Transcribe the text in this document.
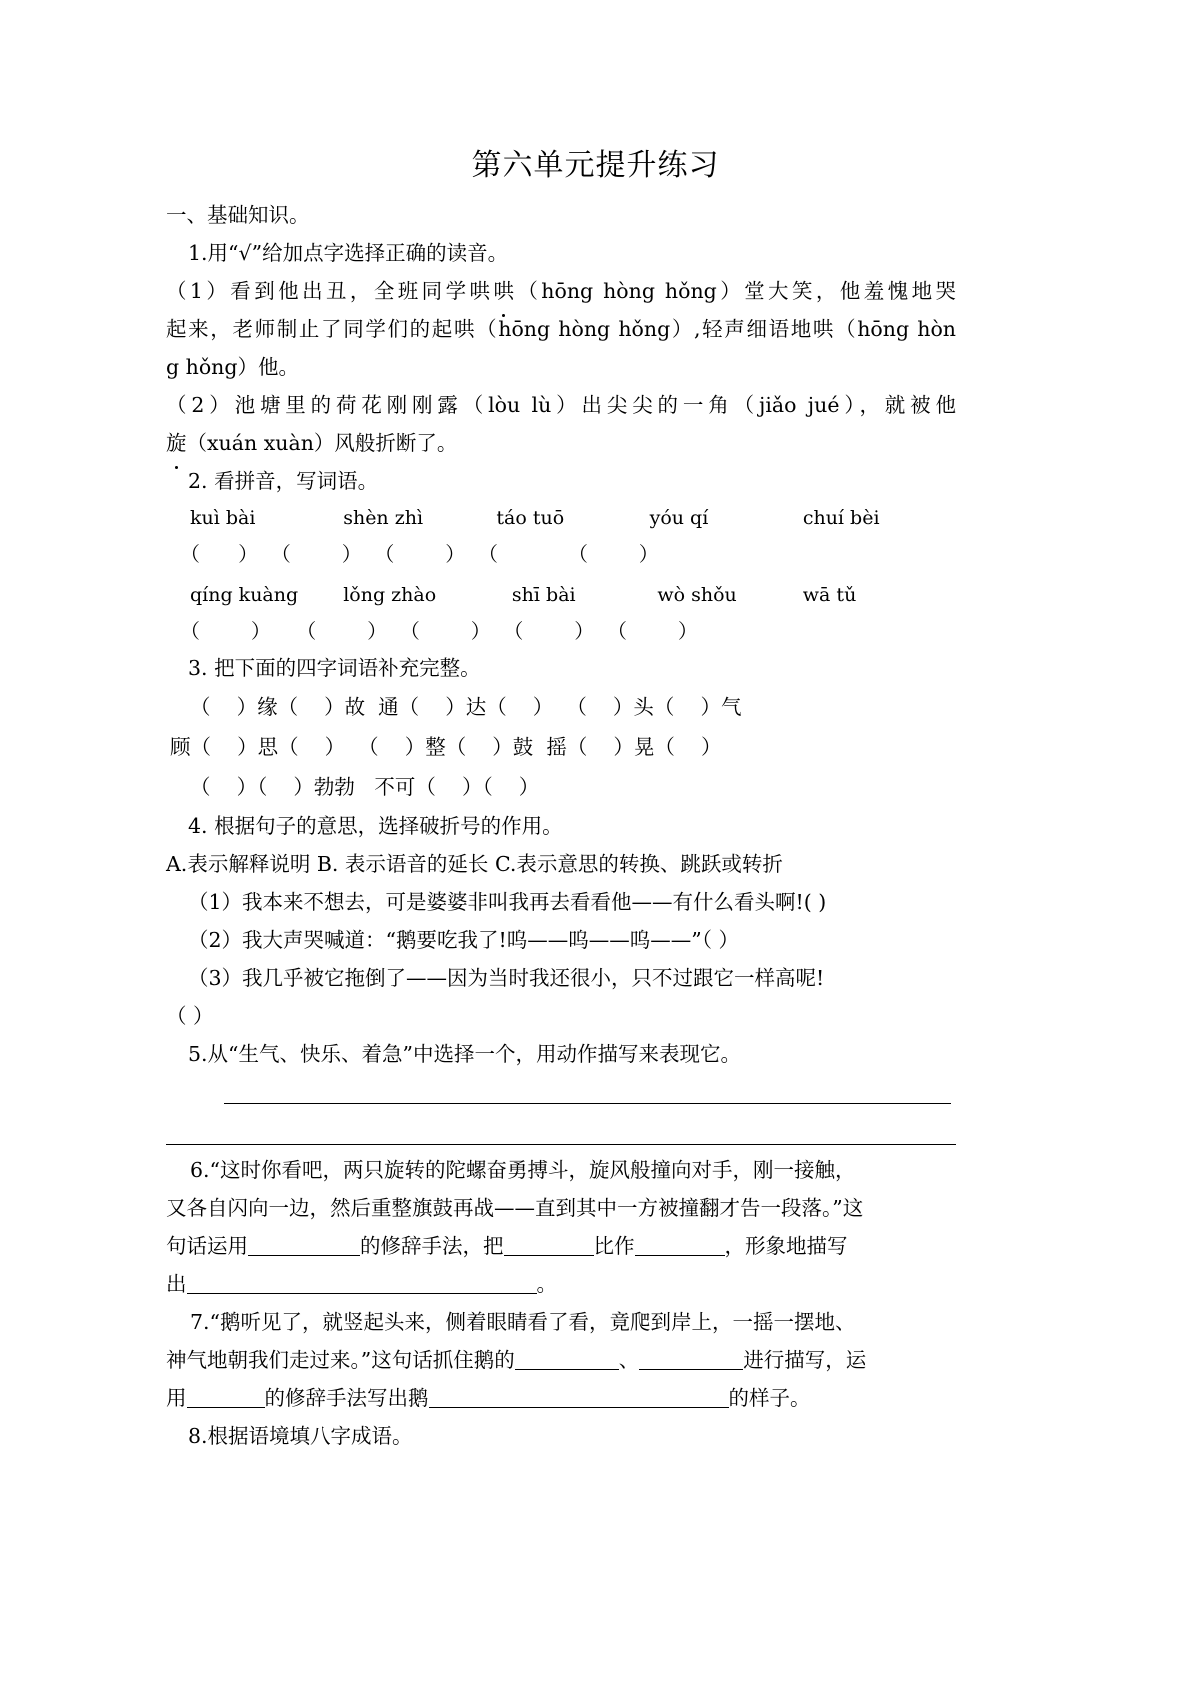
第六单元提升练习
一、基础知识。
1.用“√”给加点字选择正确的读音。
（1）看到他出丑，全班同学哄哄（hōng hòng hǒng）堂大笑，他羞愧地哭
起来，老师制止了同学们的起哄（hōng hòng hǒng）,轻声细语地哄（hōng hòn
g hǒng）他。
（2）池塘里的荷花刚刚露（lòu lù）出尖尖的一角（jiǎo jué），就被他
旋（xuán xuàn）风般折断了。
2. 看拼音，写词语。
kuì bài	shèn zhì	táo tuō	yóu qí	chuí bèi
（      ）  （        ）  （        ）  （           （        ）
qíng kuàng	lǒng zhào	shī bài	wò shǒu	wā tǔ
（        ）    （        ）  （        ）  （        ）  （        ）
3. 把下面的四字词语补充完整。
（    ）缘（    ）故  通（    ）达（    ）  （    ）头（    ）气
顾（    ）思（    ）  （    ）整（    ）鼓  摇（    ）晃（    ）
（    ）（    ）勃勃   不可（    ）（    ）
4. 根据句子的意思，选择破折号的作用。
A.表示解释说明 B. 表示语音的延长 C.表示意思的转换、跳跃或转折
（1）我本来不想去，可是婆婆非叫我再去看看他——有什么看头啊!( )
（2）我大声哭喊道：“鹅要吃我了!呜——呜——呜——”（ ）
（3）我几乎被它拖倒了——因为当时我还很小，只不过跟它一样高呢!
（ ）
5.从“生气、快乐、着急”中选择一个，用动作描写来表现它。
6.“这时你看吧，两只旋转的陀螺奋勇搏斗，旋风般撞向对手，刚一接触，
又各自闪向一边，然后重整旗鼓再战——直到其中一方被撞翻才告一段落。”这
句话运用	的修辞手法，把	比作	，形象地描写
出	。
7.“鹅听见了，就竖起头来，侧着眼睛看了看，竟爬到岸上，一摇一摆地、
神气地朝我们走过来。”这句话抓住鹅的	、	进行描写，运
用	的修辞手法写出鹅	的样子。
8.根据语境填八字成语。
